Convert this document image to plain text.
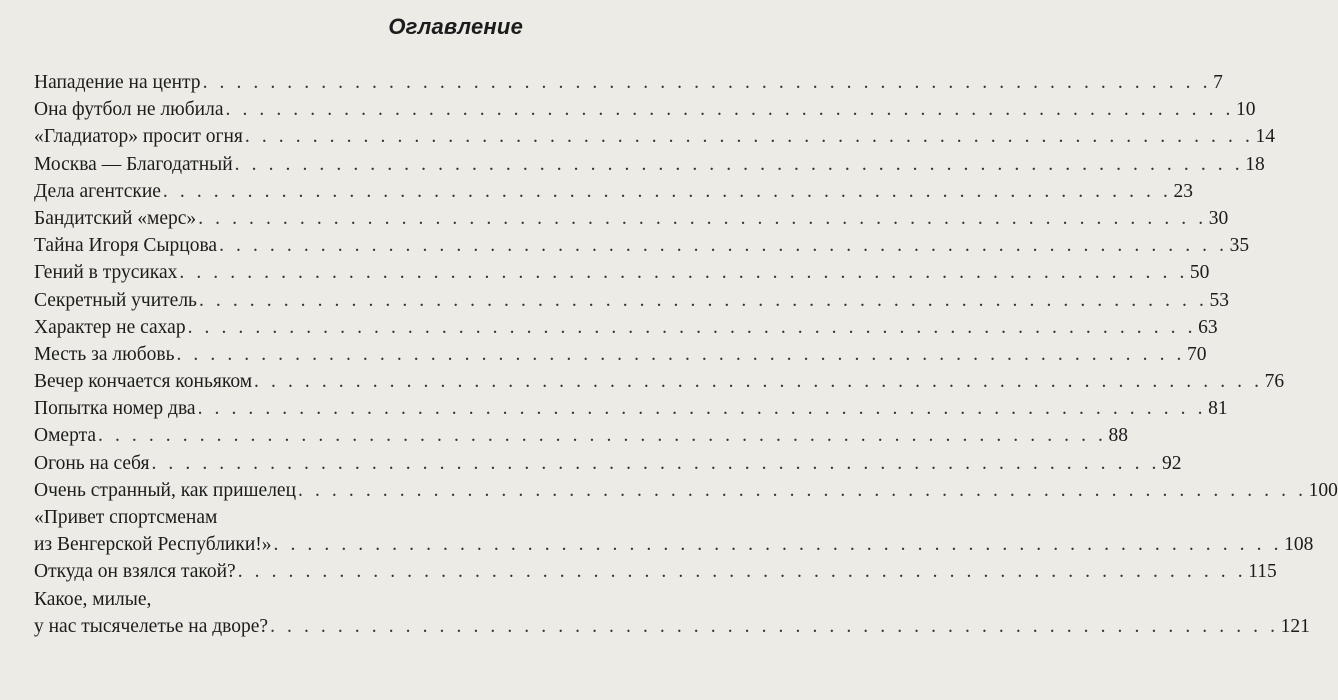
Оглавление
Нападение на центр . . . . . . . . . . . . . . . . . . . . . . . . . . . . . . . . . . . . . . . . . . . . . . . . . . . . . . . . . . . . 7
Она футбол не любила . . . . . . . . . . . . . . . . . . . . . . . . . . . . . . . . . . . . . . . . . . . . . . . . . . . . . . . . . . . . 10
«Гладиатор» просит огня . . . . . . . . . . . . . . . . . . . . . . . . . . . . . . . . . . . . . . . . . . . . . . . . . . . . . . . . . . . . 14
Москва — Благодатный . . . . . . . . . . . . . . . . . . . . . . . . . . . . . . . . . . . . . . . . . . . . . . . . . . . . . . . . . . . . 18
Дела агентские . . . . . . . . . . . . . . . . . . . . . . . . . . . . . . . . . . . . . . . . . . . . . . . . . . . . . . . . . . . . 23
Бандитский «мерс» . . . . . . . . . . . . . . . . . . . . . . . . . . . . . . . . . . . . . . . . . . . . . . . . . . . . . . . . . . . . 30
Тайна Игоря Сырцова . . . . . . . . . . . . . . . . . . . . . . . . . . . . . . . . . . . . . . . . . . . . . . . . . . . . . . . . . . . . 35
Гений в трусиках . . . . . . . . . . . . . . . . . . . . . . . . . . . . . . . . . . . . . . . . . . . . . . . . . . . . . . . . . . . . 50
Секретный учитель . . . . . . . . . . . . . . . . . . . . . . . . . . . . . . . . . . . . . . . . . . . . . . . . . . . . . . . . . . . . 53
Характер не сахар . . . . . . . . . . . . . . . . . . . . . . . . . . . . . . . . . . . . . . . . . . . . . . . . . . . . . . . . . . . . 63
Месть за любовь . . . . . . . . . . . . . . . . . . . . . . . . . . . . . . . . . . . . . . . . . . . . . . . . . . . . . . . . . . . . 70
Вечер кончается коньяком . . . . . . . . . . . . . . . . . . . . . . . . . . . . . . . . . . . . . . . . . . . . . . . . . . . . . . . . . . . . 76
Попытка номер два . . . . . . . . . . . . . . . . . . . . . . . . . . . . . . . . . . . . . . . . . . . . . . . . . . . . . . . . . . . . 81
Омерта . . . . . . . . . . . . . . . . . . . . . . . . . . . . . . . . . . . . . . . . . . . . . . . . . . . . . . . . . . . . 88
Огонь на себя . . . . . . . . . . . . . . . . . . . . . . . . . . . . . . . . . . . . . . . . . . . . . . . . . . . . . . . . . . . . 92
Очень странный, как пришелец . . . . . . . . . . . . . . . . . . . . . . . . . . . . . . . . . . . . . . . . . . . . . . . . . . . . . . . . . . . . 100
«Привет спортсменам
из Венгерской Республики!» . . . . . . . . . . . . . . . . . . . . . . . . . . . . . . . . . . . . . . . . . . . . . . . . . . . . . . . . . . . . 108
Откуда он взялся такой? . . . . . . . . . . . . . . . . . . . . . . . . . . . . . . . . . . . . . . . . . . . . . . . . . . . . . . . . . . . . 115
Какое, милые,
у нас тысячелетье на дворе? . . . . . . . . . . . . . . . . . . . . . . . . . . . . . . . . . . . . . . . . . . . . . . . . . . . . . . . . . . . . 121
